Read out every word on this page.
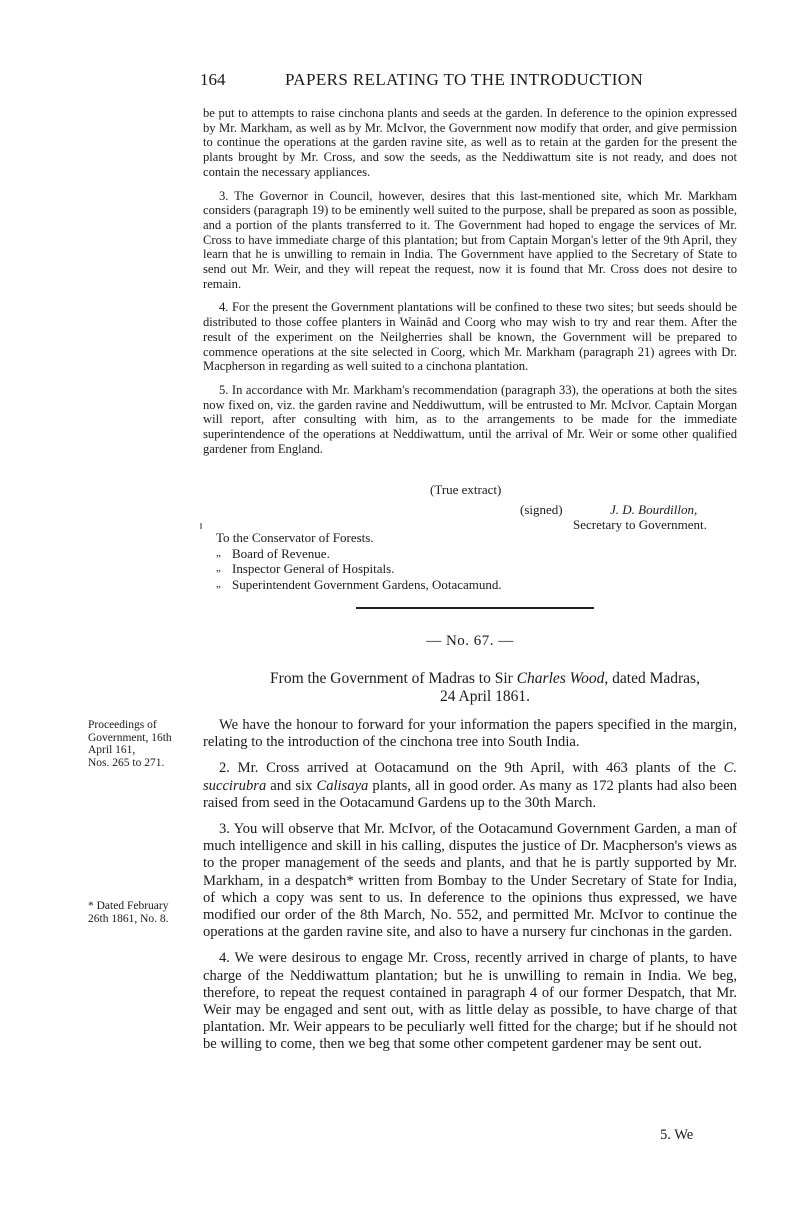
164	PAPERS RELATING TO THE INTRODUCTION

be put to attempts to raise cinchona plants and seeds at the garden. In deference to the opinion expressed by Mr. Markham, as well as by Mr. McIvor, the Government now modify that order, and give permission to continue the operations at the garden ravine site, as well as to retain at the garden for the present the plants brought by Mr. Cross, and sow the seeds, as the Neddiwattum site is not ready, and does not contain the necessary appliances.

3. The Governor in Council, however, desires that this last-mentioned site, which Mr. Markham considers (paragraph 19) to be eminently well suited to the purpose, shall be prepared as soon as possible, and a portion of the plants transferred to it. The Government had hoped to engage the services of Mr. Cross to have immediate charge of this plantation; but from Captain Morgan's letter of the 9th April, they learn that he is unwilling to remain in India. The Government have applied to the Secretary of State to send out Mr. Weir, and they will repeat the request, now it is found that Mr. Cross does not desire to remain.

4. For the present the Government plantations will be confined to these two sites; but seeds should be distributed to those coffee planters in Wainâd and Coorg who may wish to try and rear them. After the result of the experiment on the Neilgherries shall be known, the Government will be prepared to commence operations at the site selected in Coorg, which Mr. Markham (paragraph 21) agrees with Dr. Macpherson in regarding as well suited to a cinchona plantation.

5. In accordance with Mr. Markham's recommendation (paragraph 33), the operations at both the sites now fixed on, viz. the garden ravine and Neddiwuttum, will be entrusted to Mr. McIvor. Captain Morgan will report, after consulting with him, as to the arrangements to be made for the immediate superintendence of the operations at Neddiwattum, until the arrival of Mr. Weir or some other qualified gardener from England.

(True extract)
(signed)	J. D. Bourdillon,
Secretary to Government.
To the Conservator of Forests.
„ Board of Revenue.
„ Inspector General of Hospitals.
„ Superintendent Government Gardens, Ootacamund.
— No. 67. —
From the Government of Madras to Sir Charles Wood, dated Madras,
24 April 1861.
Proceedings of
Government, 16th
April 161,
Nos. 265 to 271.
* Dated February
26th 1861, No. 8.

We have the honour to forward for your information the papers specified in the margin, relating to the introduction of the cinchona tree into South India.

2. Mr. Cross arrived at Ootacamund on the 9th April, with 463 plants of the C. succirubra and six Calisaya plants, all in good order. As many as 172 plants had also been raised from seed in the Ootacamund Gardens up to the 30th March.

3. You will observe that Mr. McIvor, of the Ootacamund Government Garden, a man of much intelligence and skill in his calling, disputes the justice of Dr. Macpherson's views as to the proper management of the seeds and plants, and that he is partly supported by Mr. Markham, in a despatch* written from Bombay to the Under Secretary of State for India, of which a copy was sent to us. In deference to the opinions thus expressed, we have modified our order of the 8th March, No. 552, and permitted Mr. McIvor to continue the operations at the garden ravine site, and also to have a nursery fur cinchonas in the garden.

4. We were desirous to engage Mr. Cross, recently arrived in charge of plants, to have charge of the Neddiwattum plantation; but he is unwilling to remain in India. We beg, therefore, to repeat the request contained in paragraph 4 of our former Despatch, that Mr. Weir may be engaged and sent out, with as little delay as possible, to have charge of that plantation. Mr. Weir appears to be peculiarly well fitted for the charge; but if he should not be willing to come, then we beg that some other competent gardener may be sent out.

5. We
